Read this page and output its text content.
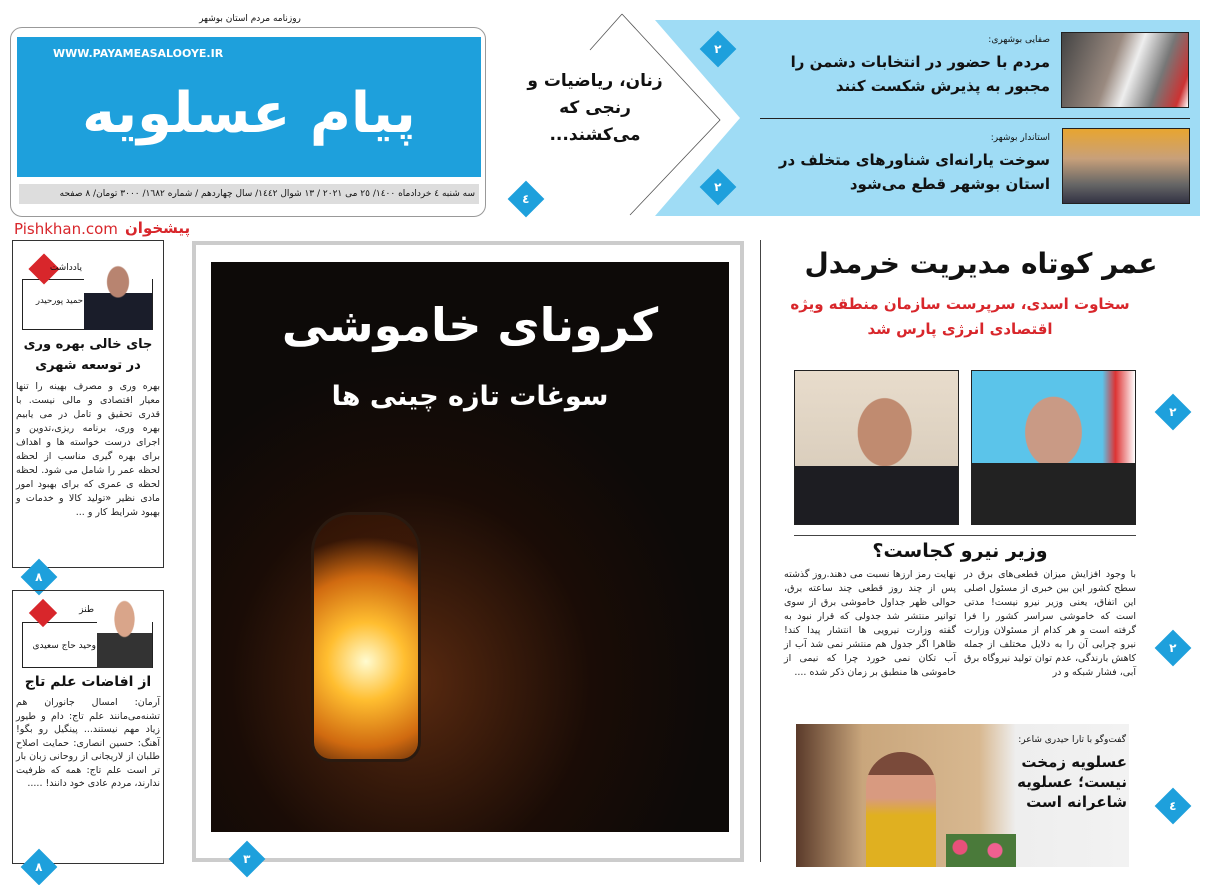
روزنامه مردم استان بوشهر
WWW.PAYAMEASALOOYE.IR
پیام عسلویه
سه شنبه ٤ خردادماه ١٤٠٠/ ٢٥ می ٢٠٢١ / ١٣ شوال ١٤٤٢/ سال چهاردهم / شماره ١٦٨٢/ ٣٠٠٠ تومان/ ٨ صفحه
Pishkhan.com پیشخوان
زنان، ریاضیات و رنجی که می‌کشند...
٤
صفایی بوشهری:
مردم با حضور در انتخابات دشمن را مجبور به پذیرش شکست کنند
استاندار بوشهر:
سوخت یارانه‌ای شناورهای متخلف در استان بوشهر قطع می‌شود
٢
٢
یادداشت
حمید پورحیدر
جای خالی بهره وری در توسعه شهری
بهره وری و مصرف بهینه را تنها معیار اقتصادی و مالی نیست. با قدری تحقیق و تامل در می یابیم بهره وری، برنامه ریزی،تدوین و اجرای درست خواسته ها و اهداف برای بهره گیری مناسب از لحظه لحظه عمر را شامل می شود. لحظه لحظه ی عمری که برای بهبود امور مادی نظیر «تولید کالا و خدمات و بهبود شرایط کار و ...
٨
طنز
وحید حاج سعیدی
از افاضات علم تاج
آرمان: امسال جانوران هم تشنه‌می‌مانند علم تاج: دام و طیور زیاد مهم نیستند... پینگیل رو بگو! آهنگ: حسین انصاری: حمایت اصلاح طلبان از لاریجانی از روحانی زبان بار تر است علم تاج: همه که ظرفیت ندارند، مردم عادی خود دانند! .....
٨
کرونای خاموشی
سوغات تازه چینی ها
٣
عمر کوتاه مدیریت خرمدل
سخاوت اسدی، سرپرست سازمان منطقه ویژه اقتصادی انرژی پارس شد
٢
وزیر نیرو کجاست؟
با وجود افزایش میزان قطعی‌های برق در سطح کشور این بین خبری از مسئول اصلی این اتفاق، یعنی وزیر نیرو نیست! مدتی است که خاموشی سراسر کشور را فرا گرفته است و هر کدام از مسئولان وزارت نیرو چرایی آن را به دلایل مختلف از جمله کاهش بارندگی، عدم توان تولید نیروگاه برق آبی، فشار شبکه و در
نهایت رمز ارزها نسبت می دهند.روز گذشته پس از چند روز قطعی چند ساعته برق، حوالی ظهر جداول خاموشی برق از سوی توانیر منتشر شد جدولی که قرار نبود به گفته وزارت نیرویی ها انتشار پیدا کند! ظاهرا اگر جدول هم منتشر نمی شد آب از آب تکان نمی خورد چرا که نیمی از خاموشی ها منطبق بر زمان ذکر شده ....
٢
گفت‌وگو با تارا حیدری شاعر:
عسلویه زمخت نیست؛ عسلویه شاعرانه است	٤
